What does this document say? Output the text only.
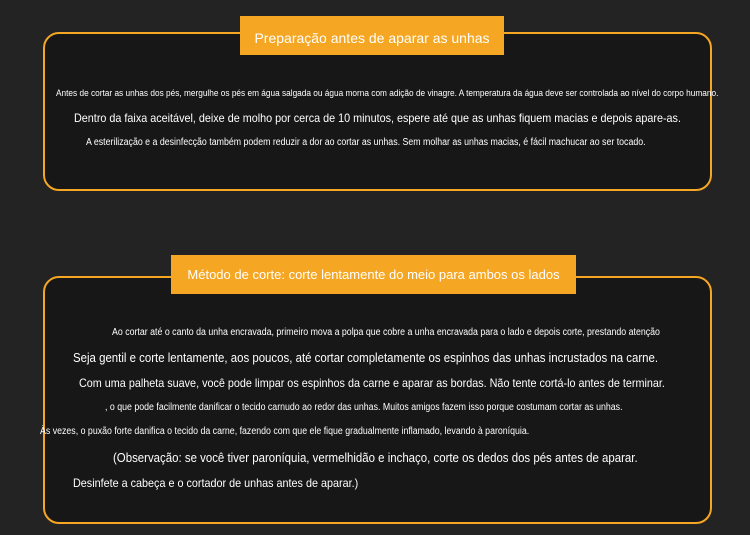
Preparação antes de aparar as unhas
Antes de cortar as unhas dos pés, mergulhe os pés em água salgada ou água morna com adição de vinagre. A temperatura da água deve ser controlada ao nível do corpo humano.
Dentro da faixa aceitável, deixe de molho por cerca de 10 minutos, espere até que as unhas fiquem macias e depois apare-as.
A esterilização e a desinfecção também podem reduzir a dor ao cortar as unhas. Sem molhar as unhas macias, é fácil machucar ao ser tocado.
Método de corte: corte lentamente do meio para ambos os lados
Ao cortar até o canto da unha encravada, primeiro mova a polpa que cobre a unha encravada para o lado e depois corte, prestando atenção
Seja gentil e corte lentamente, aos poucos, até cortar completamente os espinhos das unhas incrustados na carne.
Com uma palheta suave, você pode limpar os espinhos da carne e aparar as bordas. Não tente cortá-lo antes de terminar.
, o que pode facilmente danificar o tecido carnudo ao redor das unhas. Muitos amigos fazem isso porque costumam cortar as unhas.
Às vezes, o puxão forte danifica o tecido da carne, fazendo com que ele fique gradualmente inflamado, levando à paroníquia.
(Observação: se você tiver paroníquia, vermelhidão e inchaço, corte os dedos dos pés antes de aparar.
Desinfete a cabeça e o cortador de unhas antes de aparar.)
